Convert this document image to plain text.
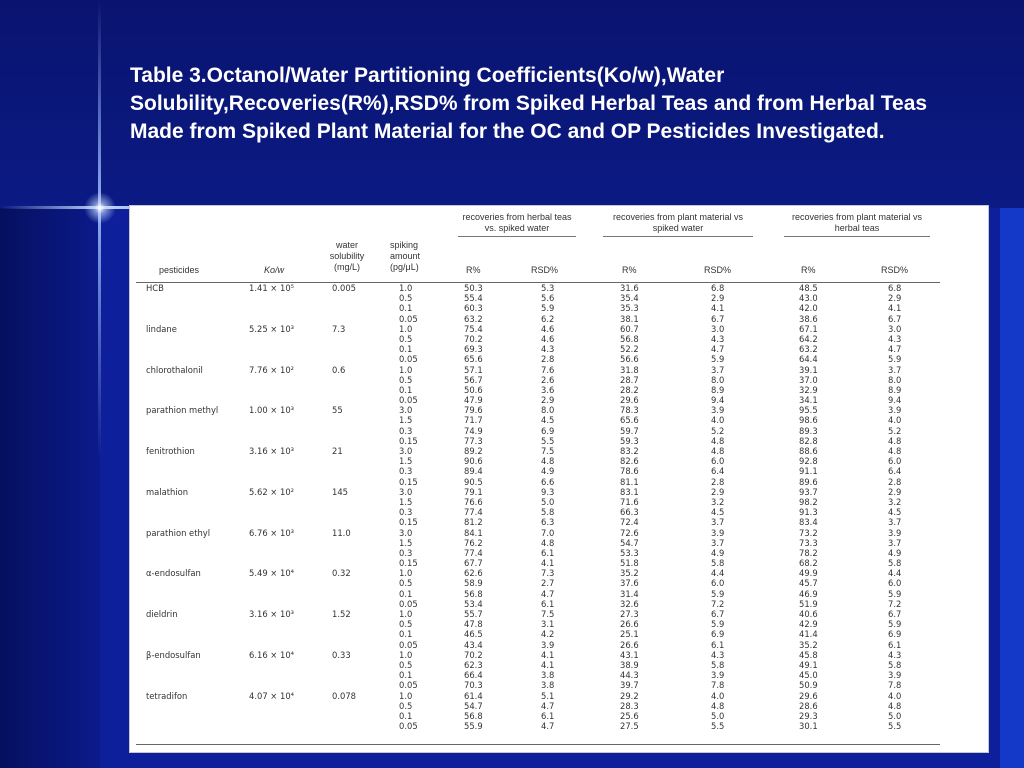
Table 3.Octanol/Water Partitioning Coefficients(Ko/w),Water Solubility,Recoveries(R%),RSD% from Spiked Herbal Teas and from Herbal Teas Made from Spiked Plant Material for the OC and OP Pesticides Investigated.
recoveries from herbal teas vs. spiked water
recoveries from plant material vs spiked water
recoveries from plant material vs herbal teas
pesticides	Ko/w
water solubility (mg/L)
spiking amount (pg/μL)	R%	RSD%	R%	RSD%	R%	RSD%
HCB	1.41 × 10⁵	0.005	1.0	50.3	5.3	31.6	6.8	48.5	6.8
0.5	55.4	5.6	35.4	2.9	43.0	2.9
0.1	60.3	5.9	35.3	4.1	42.0	4.1
0.05	63.2	6.2	38.1	6.7	38.6	6.7
lindane	5.25 × 10³	7.3	1.0	75.4	4.6	60.7	3.0	67.1	3.0
0.5	70.2	4.6	56.8	4.3	64.2	4.3
0.1	69.3	4.3	52.2	4.7	63.2	4.7
0.05	65.6	2.8	56.6	5.9	64.4	5.9
chlorothalonil	7.76 × 10²	0.6	1.0	57.1	7.6	31.8	3.7	39.1	3.7
0.5	56.7	2.6	28.7	8.0	37.0	8.0
0.1	50.6	3.6	28.2	8.9	32.9	8.9
0.05	47.9	2.9	29.6	9.4	34.1	9.4
parathion methyl	1.00 × 10³	55	3.0	79.6	8.0	78.3	3.9	95.5	3.9
1.5	71.7	4.5	65.6	4.0	98.6	4.0
0.3	74.9	6.9	59.7	5.2	89.3	5.2
0.15	77.3	5.5	59.3	4.8	82.8	4.8
fenitrothion	3.16 × 10³	21	3.0	89.2	7.5	83.2	4.8	88.6	4.8
1.5	90.6	4.8	82.6	6.0	92.8	6.0
0.3	89.4	4.9	78.6	6.4	91.1	6.4
0.15	90.5	6.6	81.1	2.8	89.6	2.8
malathion	5.62 × 10²	145	3.0	79.1	9.3	83.1	2.9	93.7	2.9
1.5	76.6	5.0	71.6	3.2	98.2	3.2
0.3	77.4	5.8	66.3	4.5	91.3	4.5
0.15	81.2	6.3	72.4	3.7	83.4	3.7
parathion ethyl	6.76 × 10³	11.0	3.0	84.1	7.0	72.6	3.9	73.2	3.9
1.5	76.2	4.8	54.7	3.7	73.3	3.7
0.3	77.4	6.1	53.3	4.9	78.2	4.9
0.15	67.7	4.1	51.8	5.8	68.2	5.8
α-endosulfan	5.49 × 10⁴	0.32	1.0	62.6	7.3	35.2	4.4	49.9	4.4
0.5	58.9	2.7	37.6	6.0	45.7	6.0
0.1	56.8	4.7	31.4	5.9	46.9	5.9
0.05	53.4	6.1	32.6	7.2	51.9	7.2
dieldrin	3.16 × 10³	1.52	1.0	55.7	7.5	27.3	6.7	40.6	6.7
0.5	47.8	3.1	26.6	5.9	42.9	5.9
0.1	46.5	4.2	25.1	6.9	41.4	6.9
0.05	43.4	3.9	26.6	6.1	35.2	6.1
β-endosulfan	6.16 × 10⁴	0.33	1.0	70.2	4.1	43.1	4.3	45.8	4.3
0.5	62.3	4.1	38.9	5.8	49.1	5.8
0.1	66.4	3.8	44.3	3.9	45.0	3.9
0.05	70.3	3.8	39.7	7.8	50.9	7.8
tetradifon	4.07 × 10⁴	0.078	1.0	61.4	5.1	29.2	4.0	29.6	4.0
0.5	54.7	4.7	28.3	4.8	28.6	4.8
0.1	56.8	6.1	25.6	5.0	29.3	5.0
0.05	55.9	4.7	27.5	5.5	30.1	5.5
